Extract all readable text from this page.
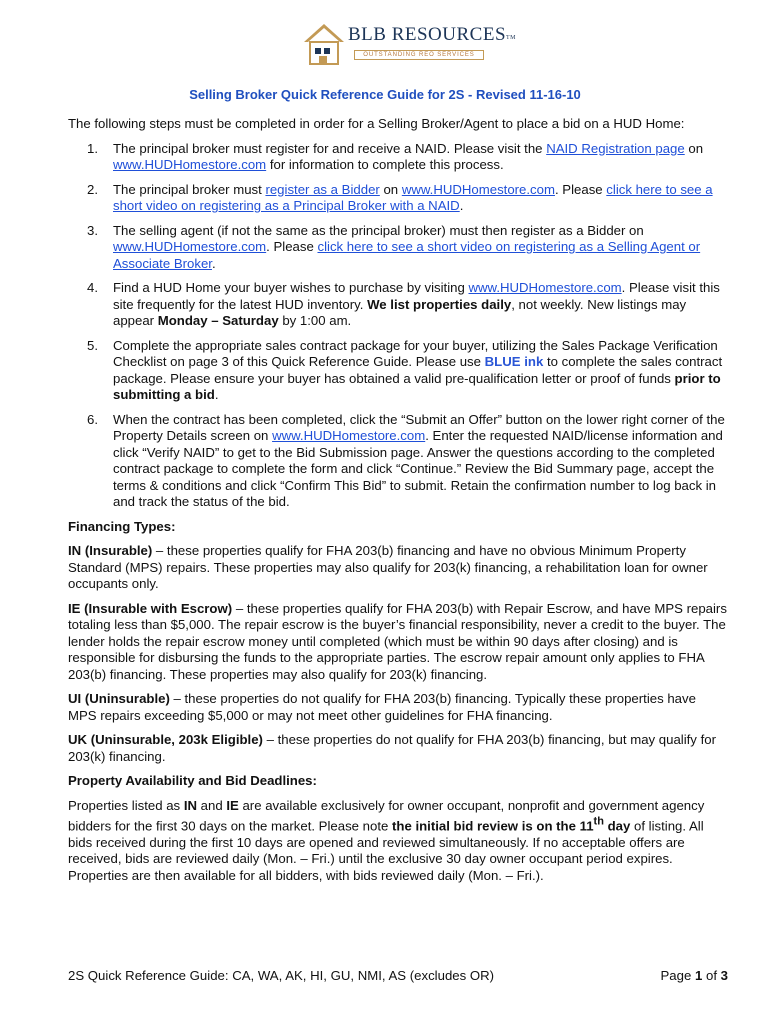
BLB RESOURCESTM
OUTSTANDING REO SERVICES
Selling Broker Quick Reference Guide for 2S - Revised 11-16-10

The following steps must be completed in order for a Selling Broker/Agent to place a bid on a HUD Home:

1. The principal broker must register for and receive a NAID. Please visit the NAID Registration page on www.HUDHomestore.com for information to complete this process.
2. The principal broker must register as a Bidder on www.HUDHomestore.com. Please click here to see a short video on registering as a Principal Broker with a NAID.
3. The selling agent (if not the same as the principal broker) must then register as a Bidder on www.HUDHomestore.com. Please click here to see a short video on registering as a Selling Agent or Associate Broker.
4. Find a HUD Home your buyer wishes to purchase by visiting www.HUDHomestore.com. Please visit this site frequently for the latest HUD inventory. We list properties daily, not weekly. New listings may appear Monday – Saturday by 1:00 am.
5. Complete the appropriate sales contract package for your buyer, utilizing the Sales Package Verification Checklist on page 3 of this Quick Reference Guide. Please use BLUE ink to complete the sales contract package. Please ensure your buyer has obtained a valid pre-qualification letter or proof of funds prior to submitting a bid.
6. When the contract has been completed, click the “Submit an Offer” button on the lower right corner of the Property Details screen on www.HUDHomestore.com. Enter the requested NAID/license information and click “Verify NAID” to get to the Bid Submission page. Answer the questions according to the completed contract package to complete the form and click “Continue.” Review the Bid Summary page, accept the terms & conditions and click “Confirm This Bid” to submit. Retain the confirmation number to log back in and track the status of the bid.

Financing Types:

IN (Insurable) – these properties qualify for FHA 203(b) financing and have no obvious Minimum Property Standard (MPS) repairs. These properties may also qualify for 203(k) financing, a rehabilitation loan for owner occupants only.

IE (Insurable with Escrow) – these properties qualify for FHA 203(b) with Repair Escrow, and have MPS repairs totaling less than $5,000. The repair escrow is the buyer’s financial responsibility, never a credit to the buyer. The lender holds the repair escrow money until completed (which must be within 90 days after closing) and is responsible for disbursing the funds to the appropriate parties. The escrow repair amount only applies to FHA 203(b) financing. These properties may also qualify for 203(k) financing.

UI (Uninsurable) – these properties do not qualify for FHA 203(b) financing. Typically these properties have MPS repairs exceeding $5,000 or may not meet other guidelines for FHA financing.

UK (Uninsurable, 203k Eligible) – these properties do not qualify for FHA 203(b) financing, but may qualify for 203(k) financing.

Property Availability and Bid Deadlines:

Properties listed as IN and IE are available exclusively for owner occupant, nonprofit and government agency bidders for the first 30 days on the market. Please note the initial bid review is on the 11th day of listing. All bids received during the first 10 days are opened and reviewed simultaneously. If no acceptable offers are received, bids are reviewed daily (Mon. – Fri.) until the exclusive 30 day owner occupant period expires. Properties are then available for all bidders, with bids reviewed daily (Mon. – Fri.).

2S Quick Reference Guide: CA, WA, AK, HI, GU, NMI, AS (excludes OR)	Page 1 of 3
